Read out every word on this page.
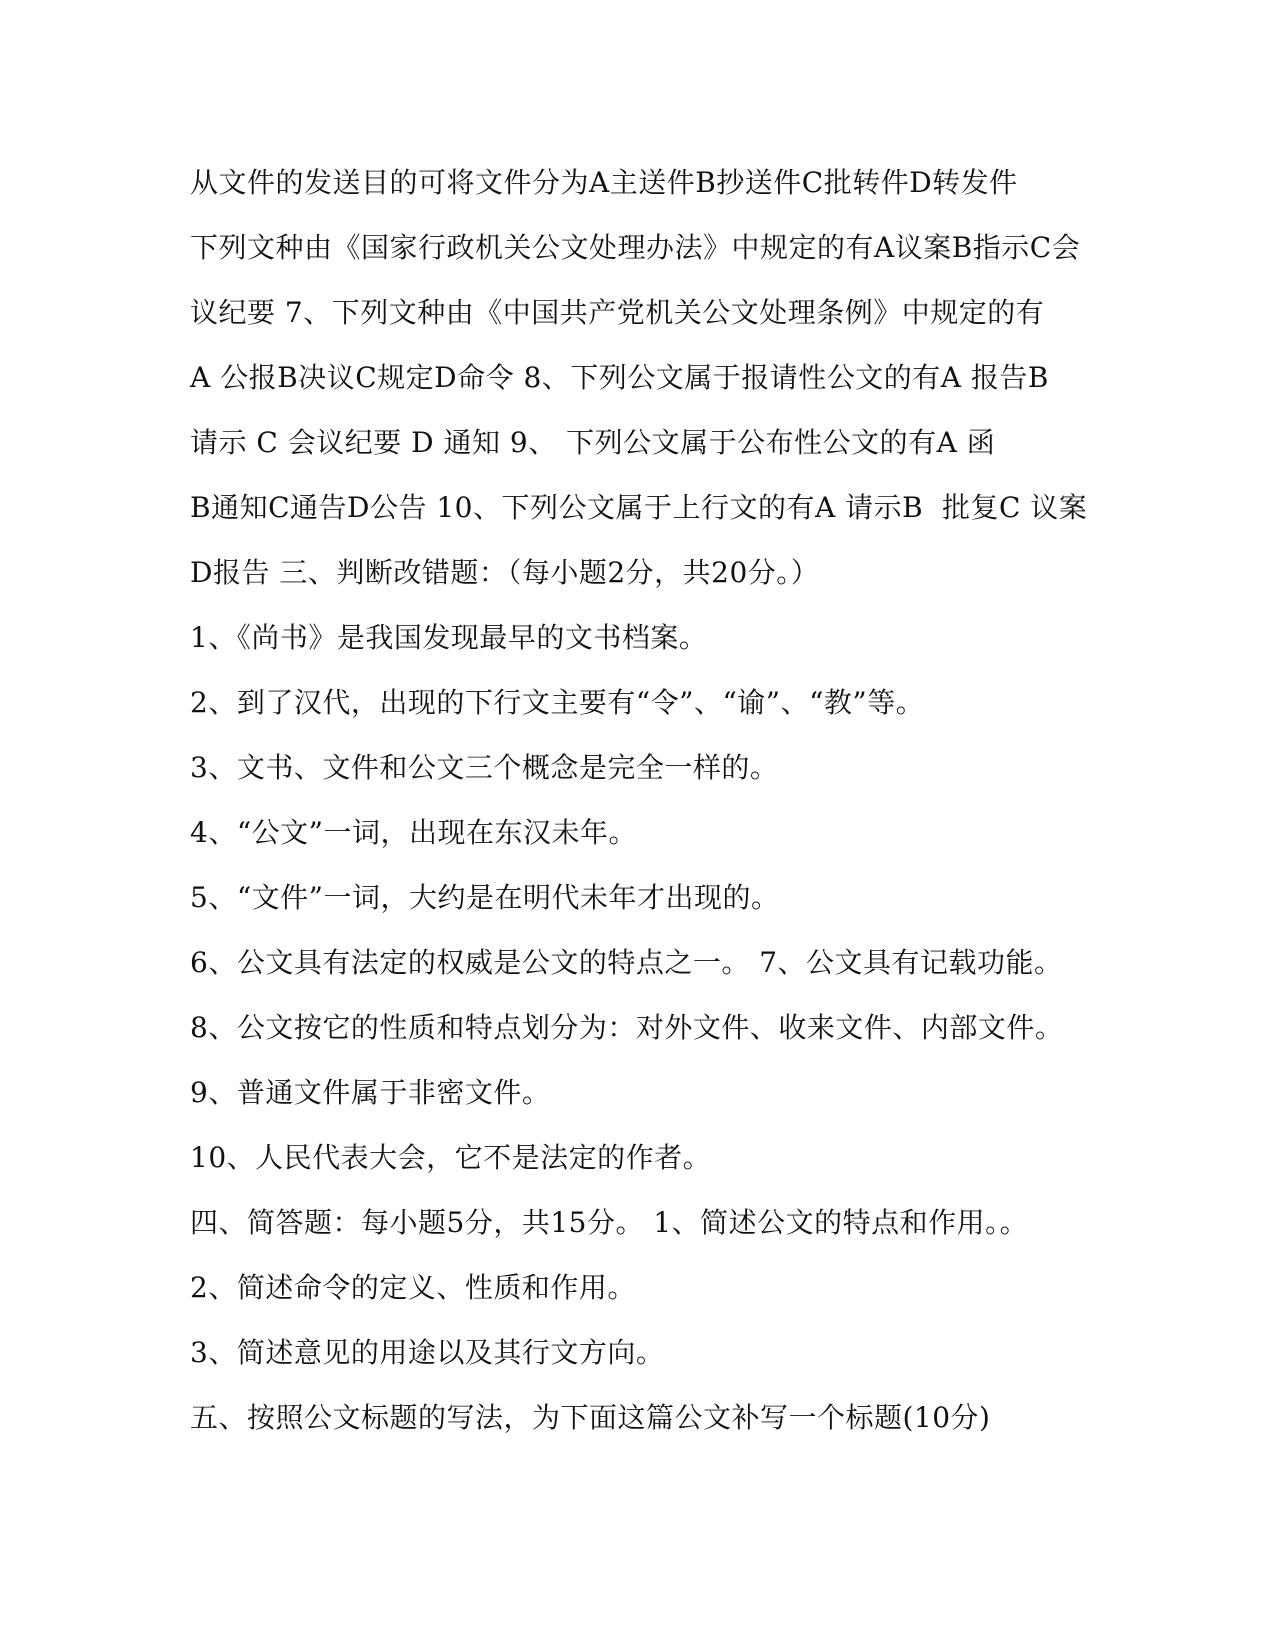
从文件的发送目的可将文件分为A主送件B抄送件C批转件D转发件
下列文种由《国家行政机关公文处理办法》中规定的有A议案B指示C会
议纪要 7、下列文种由《中国共产党机关公文处理条例》中规定的有
A 公报B决议C规定D命令 8、下列公文属于报请性公文的有A 报告B
请示 C 会议纪要 D 通知 9、 下列公文属于公布性公文的有A 函
B通知C通告D公告 10、下列公文属于上行文的有A 请示B  批复C 议案
D报告 三、判断改错题：（每小题2分，共20分。）
1、《尚书》是我国发现最早的文书档案。
2、到了汉代，出现的下行文主要有“令”、“谕”、“教”等。
3、文书、文件和公文三个概念是完全一样的。
4、“公文”一词，出现在东汉未年。
5、“文件”一词，大约是在明代未年才出现的。
6、公文具有法定的权威是公文的特点之一。 7、公文具有记载功能。
8、公文按它的性质和特点划分为：对外文件、收来文件、内部文件。
9、普通文件属于非密文件。
10、人民代表大会，它不是法定的作者。
四、简答题：每小题5分，共15分。 1、简述公文的特点和作用。。
2、简述命令的定义、性质和作用。
3、简述意见的用途以及其行文方向。
五、按照公文标题的写法，为下面这篇公文补写一个标题(10分)
